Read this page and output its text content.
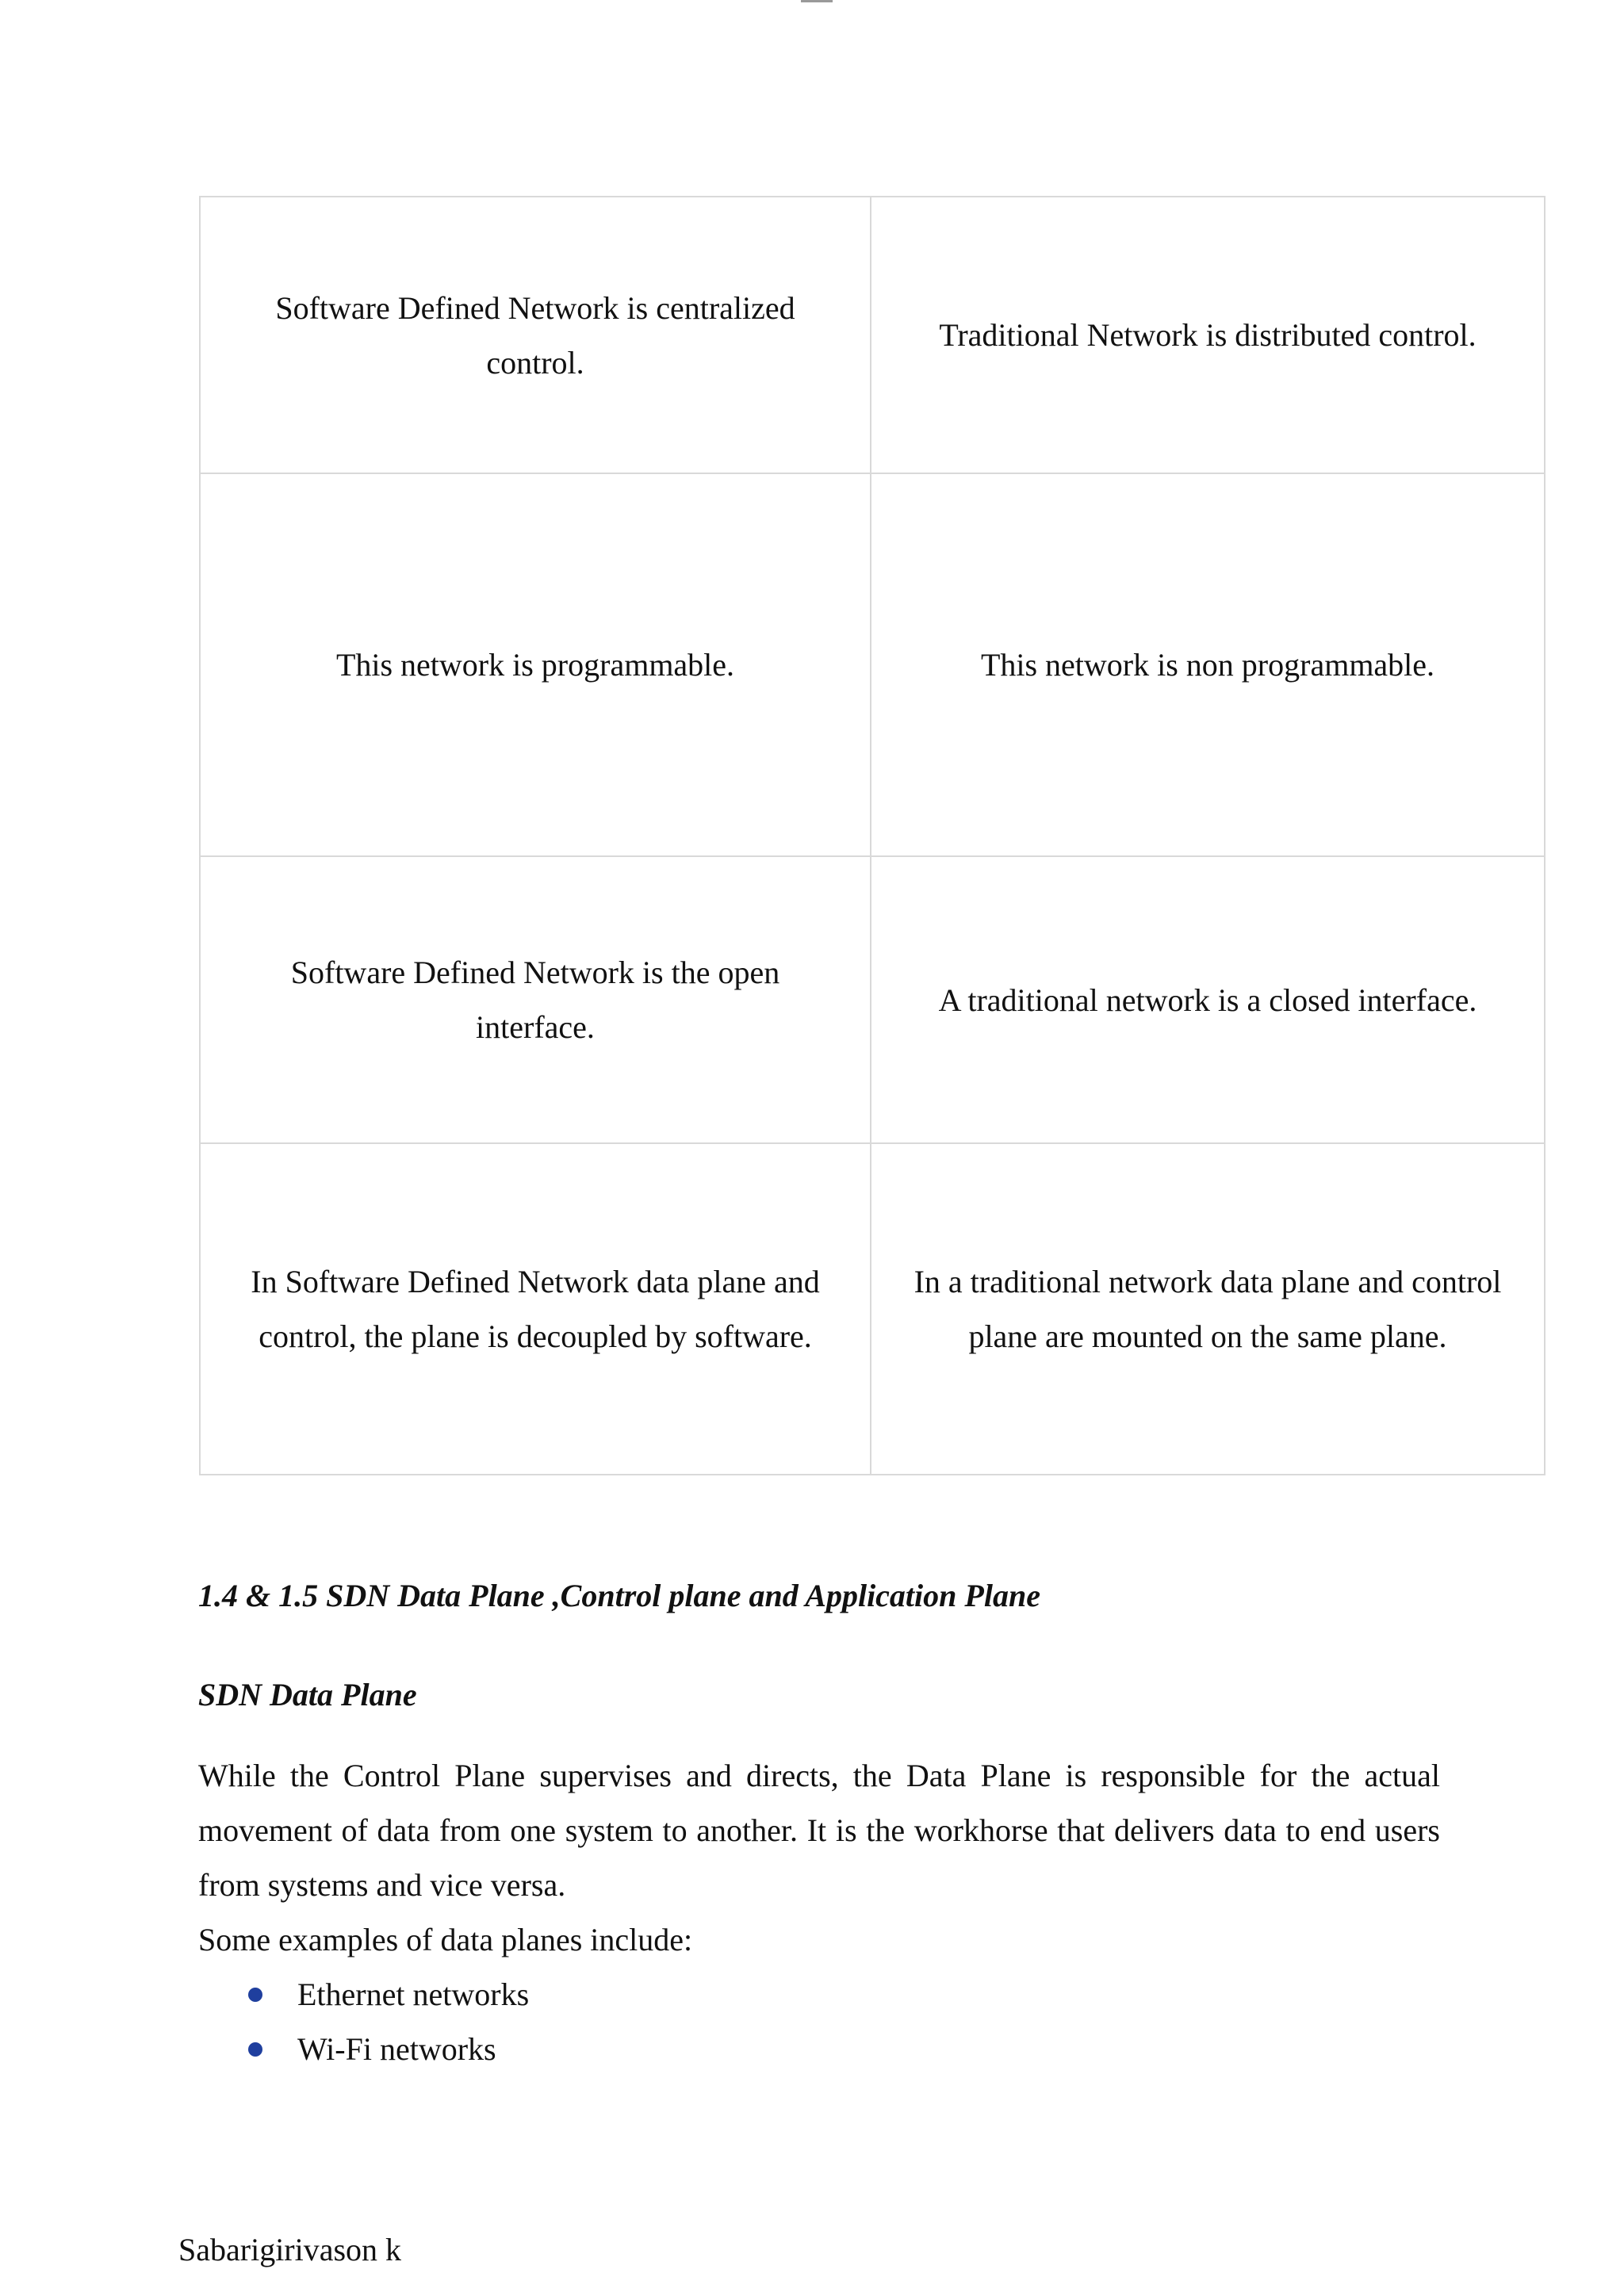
Software Defined Network is centralized control.	Traditional Network is distributed control.
This network is programmable.	This network is non programmable.
Software Defined Network is the open interface.	A traditional network is a closed interface.
In Software Defined Network data plane and control, the plane is decoupled by software.	In a traditional network data plane and control plane are mounted on the same plane.
1.4 & 1.5 SDN Data Plane ,Control plane and Application Plane
SDN Data Plane

While the Control Plane supervises and directs, the Data Plane is responsible for the actual movement of data from one system to another. It is the workhorse that delivers data to end users from systems and vice versa.

Some examples of data planes include:

Ethernet networks
Wi-Fi networks

Sabarigirivason k
